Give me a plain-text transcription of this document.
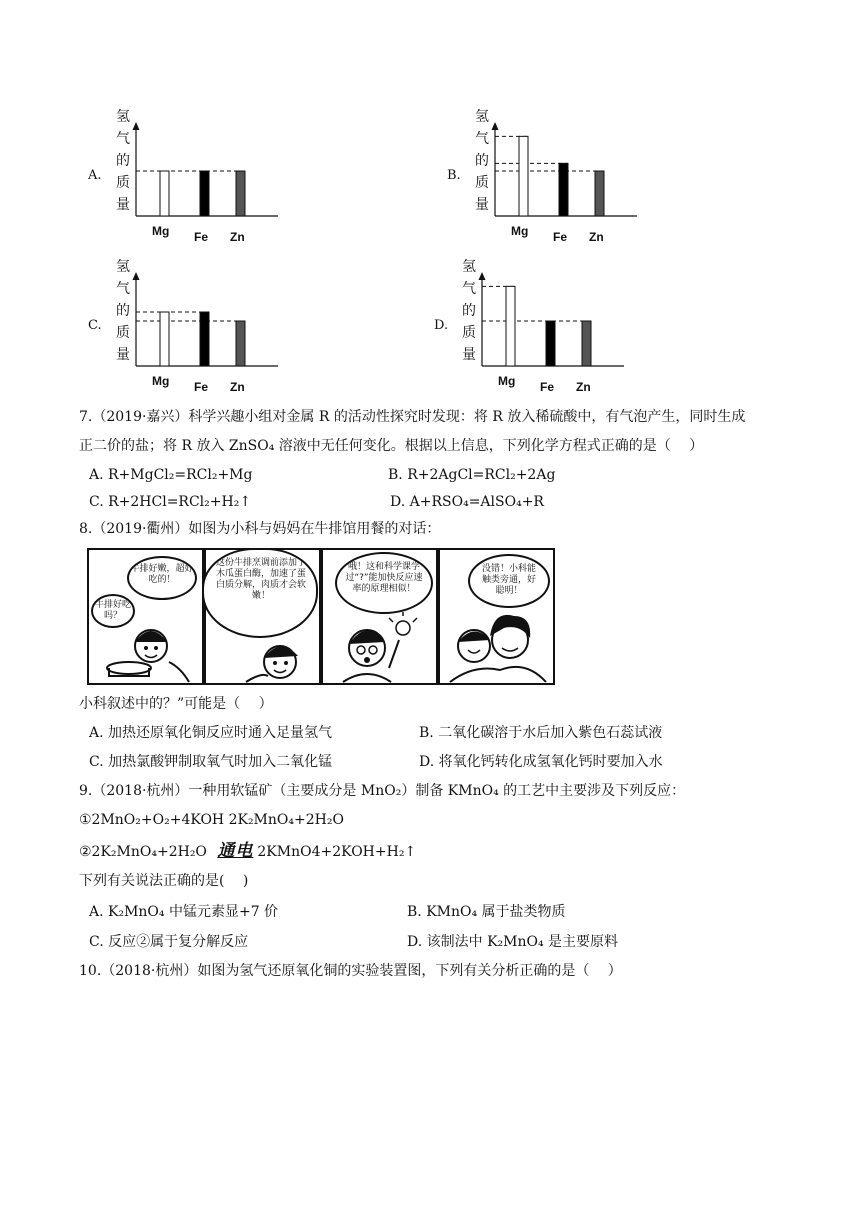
A.
氢
气
的
质
量
Mg Fe Zn
B.
氢
气
的
质
量
Mg Fe Zn
C.
氢
气
的
质
量
Mg Fe Zn
D.
氢
气
的
质
量
Mg Fe Zn
7.（2019·嘉兴）科学兴趣小组对金属 R 的活动性探究时发现：将 R 放入稀硫酸中，有气泡产生，同时生成
正二价的盐；将 R 放入 ZnSO₄ 溶液中无任何变化。根据以上信息，下列化学方程式正确的是（　 ）
A. R+MgCl₂=RCl₂+Mg	B. R+2AgCl=RCl₂+2Ag
C. R+2HCl=RCl₂+H₂↑	D. A+RSO₄=AlSO₄+R
8.（2019·衢州）如图为小科与妈妈在牛排馆用餐的对话：
牛排好嫩，超好吃的！
牛排好吃吗？
这份牛排烹调前添加了木瓜蛋白酶，加速了蛋白质分解，肉质才会软嫩！
哦！这和科学课学过“?”能加快反应速率的原理相似！
没错！小科能触类旁通，好聪明！
小科叙述中的？”可能是（　 ）
A. 加热还原氧化铜反应时通入足量氢气	B. 二氧化碳溶于水后加入紫色石蕊试液
C. 加热氯酸钾制取氧气时加入二氧化锰	D. 将氧化钙转化成氢氧化钙时要加入水
9.（2018·杭州）一种用软锰矿（主要成分是 MnO₂）制备 KMnO₄ 的工艺中主要涉及下列反应：
①2MnO₂+O₂+4KOH 2K₂MnO₄+2H₂O
②2K₂MnO₄+2H₂O 通电 2KMnO4+2KOH+H₂↑
下列有关说法正确的是(　 )
A. K₂MnO₄ 中锰元素显+7 价	B. KMnO₄ 属于盐类物质
C. 反应②属于复分解反应	D. 该制法中 K₂MnO₄ 是主要原料
10.（2018·杭州）如图为氢气还原氧化铜的实验装置图，下列有关分析正确的是（　 ）
